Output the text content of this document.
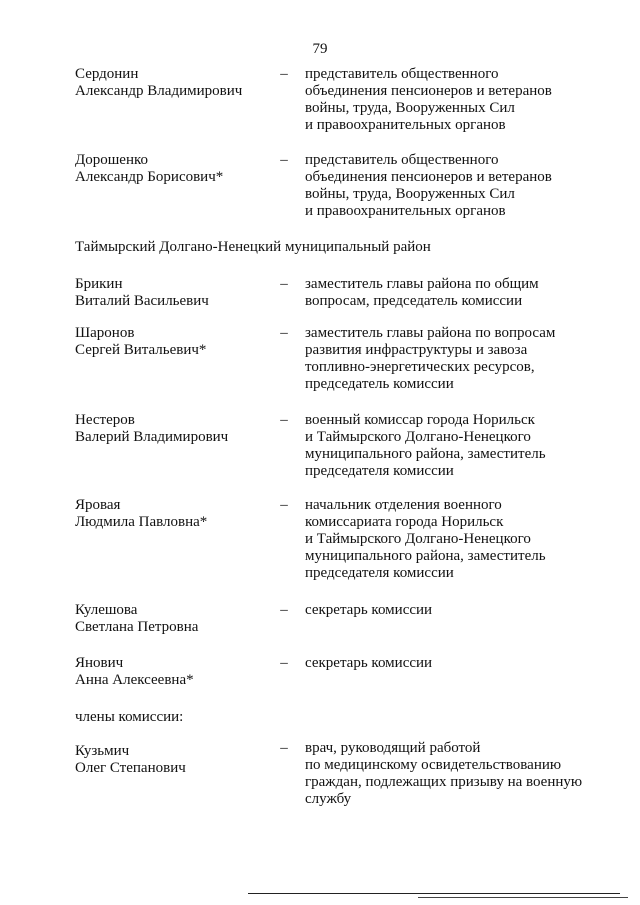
79
Сердонин
Александр Владимирович
– представитель общественного
объединения пенсионеров и ветеранов
войны, труда, Вооруженных Сил
и правоохранительных органов
Дорошенко
Александр Борисович*
– представитель общественного
объединения пенсионеров и ветеранов
войны, труда, Вооруженных Сил
и правоохранительных органов
Таймырский Долгано-Ненецкий муниципальный район
Брикин
Виталий Васильевич
– заместитель главы района по общим
вопросам, председатель комиссии
Шаронов
Сергей Витальевич*
– заместитель главы района по вопросам
развития инфраструктуры и завоза
топливно-энергетических ресурсов,
председатель комиссии
Нестеров
Валерий Владимирович
– военный комиссар города Норильск
и Таймырского Долгано-Ненецкого
муниципального района, заместитель
председателя комиссии
Яровая
Людмила Павловна*
– начальник отделения военного
комиссариата города Норильск
и Таймырского Долгано-Ненецкого
муниципального района, заместитель
председателя комиссии
Кулешова
Светлана Петровна
– секретарь комиссии
Янович
Анна Алексеевна*
– секретарь комиссии
члены комиссии:
Кузьмич
Олег Степанович
– врач, руководящий работой
по медицинскому освидетельствованию
граждан, подлежащих призыву на военную
службу
